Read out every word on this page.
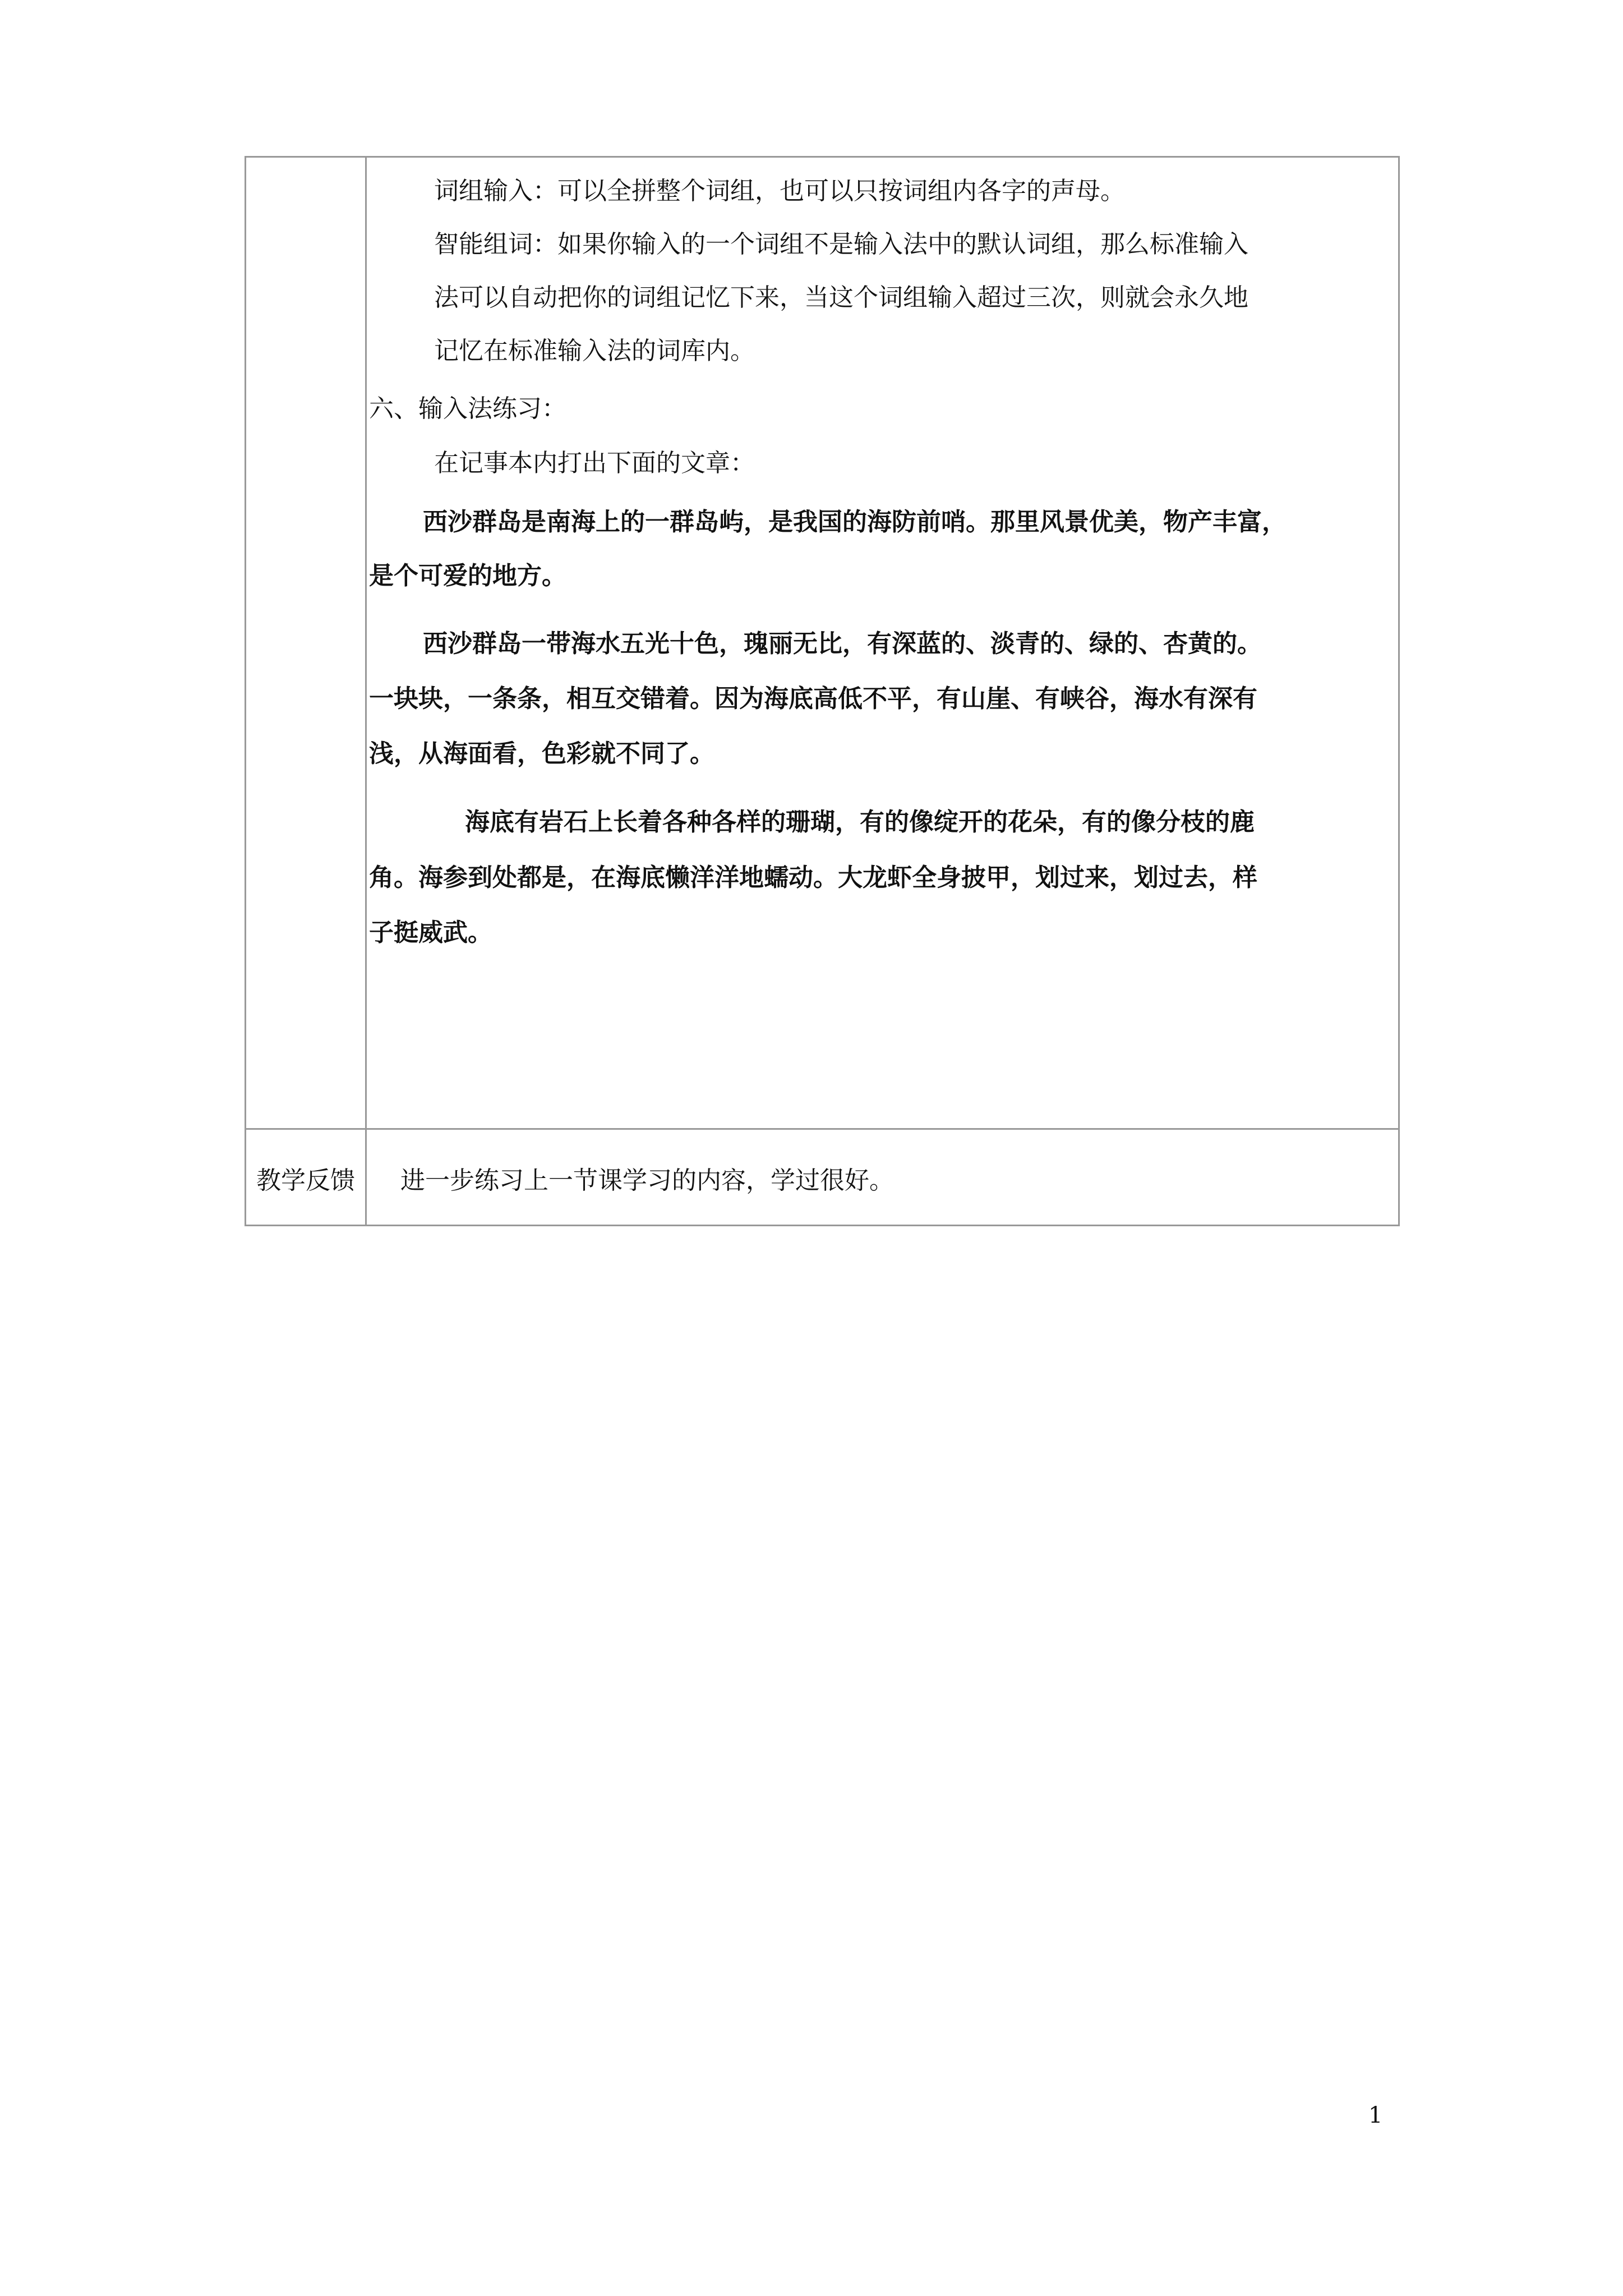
词组输入：可以全拼整个词组，也可以只按词组内各字的声母。
智能组词：如果你输入的一个词组不是输入法中的默认词组，那么标准输入
法可以自动把你的词组记忆下来，当这个词组输入超过三次，则就会永久地
记忆在标准输入法的词库内。
六、输入法练习：
在记事本内打出下面的文章：
西沙群岛是南海上的一群岛屿，是我国的海防前哨。那里风景优美，物产丰富，
是个可爱的地方。
西沙群岛一带海水五光十色，瑰丽无比，有深蓝的、淡青的、绿的、杏黄的。
一块块，一条条，相互交错着。因为海底高低不平，有山崖、有峡谷，海水有深有
浅，从海面看，色彩就不同了。
海底有岩石上长着各种各样的珊瑚，有的像绽开的花朵，有的像分枝的鹿
角。海参到处都是，在海底懒洋洋地蠕动。大龙虾全身披甲，划过来，划过去，样
子挺威武。
教学反馈	进一步练习上一节课学习的内容，学过很好。
1
